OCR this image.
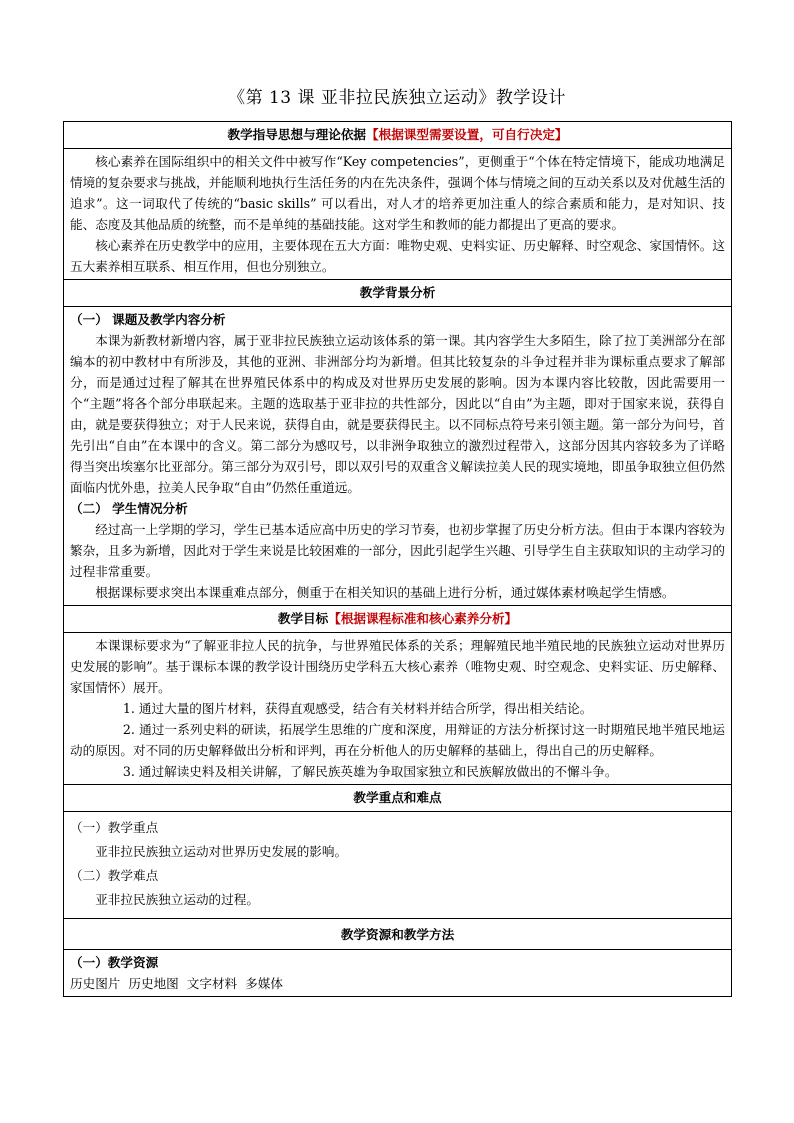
《第 13 课 亚非拉民族独立运动》教学设计
教学指导思想与理论依据【根据课型需要设置，可自行决定】

核心素养在国际组织中的相关文件中被写作“Key competencies”，更侧重于“个体在特定情境下，能成功地满足情境的复杂要求与挑战，并能顺利地执行生活任务的内在先决条件，强调个体与情境之间的互动关系以及对优越生活的追求”。这一词取代了传统的“basic skills” 可以看出，对人才的培养更加注重人的综合素质和能力，是对知识、技能、态度及其他品质的统整，而不是单纯的基础技能。这对学生和教师的能力都提出了更高的要求。

核心素养在历史教学中的应用，主要体现在五大方面：唯物史观、史料实证、历史解释、时空观念、家国情怀。这五大素养相互联系、相互作用，但也分别独立。

教学背景分析

（一） 课题及教学内容分析

本课为新教材新增内容，属于亚非拉民族独立运动该体系的第一课。其内容学生大多陌生，除了拉丁美洲部分在部编本的初中教材中有所涉及，其他的亚洲、非洲部分均为新增。但其比较复杂的斗争过程并非为课标重点要求了解部分，而是通过过程了解其在世界殖民体系中的构成及对世界历史发展的影响。因为本课内容比较散，因此需要用一个“主题”将各个部分串联起来。主题的选取基于亚非拉的共性部分，因此以“自由”为主题，即对于国家来说，获得自由，就是要获得独立；对于人民来说，获得自由，就是要获得民主。以不同标点符号来引领主题。第一部分为问号，首先引出“自由”在本课中的含义。第二部分为感叹号，以非洲争取独立的激烈过程带入，这部分因其内容较多为了详略得当突出埃塞尔比亚部分。第三部分为双引号，即以双引号的双重含义解读拉美人民的现实境地，即虽争取独立但仍然面临内忧外患，拉美人民争取“自由”仍然任重道远。

（二） 学生情况分析

经过高一上学期的学习，学生已基本适应高中历史的学习节奏，也初步掌握了历史分析方法。但由于本课内容较为繁杂，且多为新增，因此对于学生来说是比较困难的一部分，因此引起学生兴趣、引导学生自主获取知识的主动学习的过程非常重要。

根据课标要求突出本课重难点部分，侧重于在相关知识的基础上进行分析，通过媒体素材唤起学生情感。

教学目标【根据课程标准和核心素养分析】

本课课标要求为“了解亚非拉人民的抗争，与世界殖民体系的关系；理解殖民地半殖民地的民族独立运动对世界历史发展的影响”。基于课标本课的教学设计围绕历史学科五大核心素养（唯物史观、时空观念、史料实证、历史解释、家国情怀）展开。

1. 通过大量的图片材料，获得直观感受，结合有关材料并结合所学，得出相关结论。

2. 通过一系列史料的研读，拓展学生思维的广度和深度，用辩证的方法分析探讨这一时期殖民地半殖民地运动的原因。对不同的历史解释做出分析和评判，再在分析他人的历史解释的基础上，得出自己的历史解释。

3. 通过解读史料及相关讲解，了解民族英雄为争取国家独立和民族解放做出的不懈斗争。

教学重点和难点

（一）教学重点

亚非拉民族独立运动对世界历史发展的影响。

（二）教学难点

亚非拉民族独立运动的过程。

教学资源和教学方法

（一）教学资源

历史图片  历史地图  文字材料  多媒体
